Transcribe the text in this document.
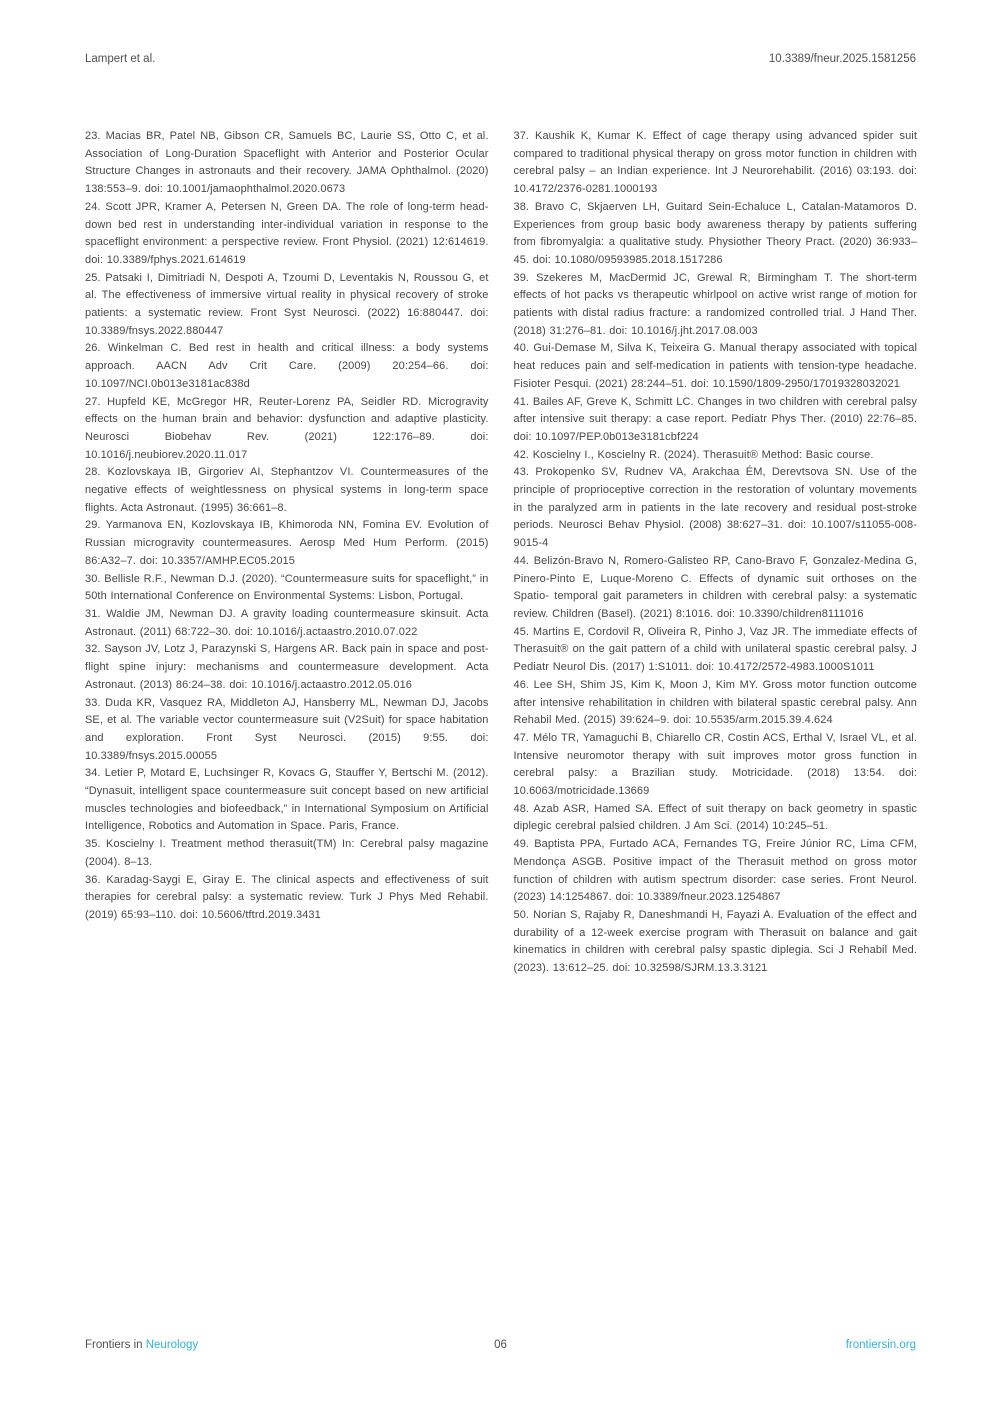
Lampert et al.	10.3389/fneur.2025.1581256

23. Macias BR, Patel NB, Gibson CR, Samuels BC, Laurie SS, Otto C, et al. Association of Long-Duration Spaceflight with Anterior and Posterior Ocular Structure Changes in astronauts and their recovery. JAMA Ophthalmol. (2020) 138:553–9. doi: 10.1001/jamaophthalmol.2020.0673

24. Scott JPR, Kramer A, Petersen N, Green DA. The role of long-term head-down bed rest in understanding inter-individual variation in response to the spaceflight environment: a perspective review. Front Physiol. (2021) 12:614619. doi: 10.3389/fphys.2021.614619

25. Patsaki I, Dimitriadi N, Despoti A, Tzoumi D, Leventakis N, Roussou G, et al. The effectiveness of immersive virtual reality in physical recovery of stroke patients: a systematic review. Front Syst Neurosci. (2022) 16:880447. doi: 10.3389/fnsys.2022.880447

26. Winkelman C. Bed rest in health and critical illness: a body systems approach. AACN Adv Crit Care. (2009) 20:254–66. doi: 10.1097/NCI.0b013e3181ac838d

27. Hupfeld KE, McGregor HR, Reuter-Lorenz PA, Seidler RD. Microgravity effects on the human brain and behavior: dysfunction and adaptive plasticity. Neurosci Biobehav Rev. (2021) 122:176–89. doi: 10.1016/j.neubiorev.2020.11.017

28. Kozlovskaya IB, Girgoriev AI, Stephantzov VI. Countermeasures of the negative effects of weightlessness on physical systems in long-term space flights. Acta Astronaut. (1995) 36:661–8.

29. Yarmanova EN, Kozlovskaya IB, Khimoroda NN, Fomina EV. Evolution of Russian microgravity countermeasures. Aerosp Med Hum Perform. (2015) 86:A32–7. doi: 10.3357/AMHP.EC05.2015

30. Bellisle R.F., Newman D.J. (2020). “Countermeasure suits for spaceflight,” in 50th International Conference on Environmental Systems: Lisbon, Portugal.

31. Waldie JM, Newman DJ. A gravity loading countermeasure skinsuit. Acta Astronaut. (2011) 68:722–30. doi: 10.1016/j.actaastro.2010.07.022

32. Sayson JV, Lotz J, Parazynski S, Hargens AR. Back pain in space and post-flight spine injury: mechanisms and countermeasure development. Acta Astronaut. (2013) 86:24–38. doi: 10.1016/j.actaastro.2012.05.016

33. Duda KR, Vasquez RA, Middleton AJ, Hansberry ML, Newman DJ, Jacobs SE, et al. The variable vector countermeasure suit (V2Suit) for space habitation and exploration. Front Syst Neurosci. (2015) 9:55. doi: 10.3389/fnsys.2015.00055

34. Letier P, Motard E, Luchsinger R, Kovacs G, Stauffer Y, Bertschi M. (2012). “Dynasuit, intelligent space countermeasure suit concept based on new artificial muscles technologies and biofeedback,” in International Symposium on Artificial Intelligence, Robotics and Automation in Space. Paris, France.

35. Koscielny I. Treatment method therasuit(TM) In: Cerebral palsy magazine (2004). 8–13.

36. Karadag-Saygi E, Giray E. The clinical aspects and effectiveness of suit therapies for cerebral palsy: a systematic review. Turk J Phys Med Rehabil. (2019) 65:93–110. doi: 10.5606/tftrd.2019.3431

37. Kaushik K, Kumar K. Effect of cage therapy using advanced spider suit compared to traditional physical therapy on gross motor function in children with cerebral palsy – an Indian experience. Int J Neurorehabilit. (2016) 03:193. doi: 10.4172/2376-0281.1000193

38. Bravo C, Skjaerven LH, Guitard Sein-Echaluce L, Catalan-Matamoros D. Experiences from group basic body awareness therapy by patients suffering from fibromyalgia: a qualitative study. Physiother Theory Pract. (2020) 36:933–45. doi: 10.1080/09593985.2018.1517286

39. Szekeres M, MacDermid JC, Grewal R, Birmingham T. The short-term effects of hot packs vs therapeutic whirlpool on active wrist range of motion for patients with distal radius fracture: a randomized controlled trial. J Hand Ther. (2018) 31:276–81. doi: 10.1016/j.jht.2017.08.003

40. Gui-Demase M, Silva K, Teixeira G. Manual therapy associated with topical heat reduces pain and self-medication in patients with tension-type headache. Fisioter Pesqui. (2021) 28:244–51. doi: 10.1590/1809-2950/17019328032021

41. Bailes AF, Greve K, Schmitt LC. Changes in two children with cerebral palsy after intensive suit therapy: a case report. Pediatr Phys Ther. (2010) 22:76–85. doi: 10.1097/PEP.0b013e3181cbf224

42. Koscielny I., Koscielny R. (2024). Therasuit® Method: Basic course.

43. Prokopenko SV, Rudnev VA, Arakchaa ÉM, Derevtsova SN. Use of the principle of proprioceptive correction in the restoration of voluntary movements in the paralyzed arm in patients in the late recovery and residual post-stroke periods. Neurosci Behav Physiol. (2008) 38:627–31. doi: 10.1007/s11055-008-9015-4

44. Belizón-Bravo N, Romero-Galisteo RP, Cano-Bravo F, Gonzalez-Medina G, Pinero-Pinto E, Luque-Moreno C. Effects of dynamic suit orthoses on the Spatio- temporal gait parameters in children with cerebral palsy: a systematic review. Children (Basel). (2021) 8:1016. doi: 10.3390/children8111016

45. Martins E, Cordovil R, Oliveira R, Pinho J, Vaz JR. The immediate effects of Therasuit® on the gait pattern of a child with unilateral spastic cerebral palsy. J Pediatr Neurol Dis. (2017) 1:S1011. doi: 10.4172/2572-4983.1000S1011

46. Lee SH, Shim JS, Kim K, Moon J, Kim MY. Gross motor function outcome after intensive rehabilitation in children with bilateral spastic cerebral palsy. Ann Rehabil Med. (2015) 39:624–9. doi: 10.5535/arm.2015.39.4.624

47. Mélo TR, Yamaguchi B, Chiarello CR, Costin ACS, Erthal V, Israel VL, et al. Intensive neuromotor therapy with suit improves motor gross function in cerebral palsy: a Brazilian study. Motricidade. (2018) 13:54. doi: 10.6063/motricidade.13669

48. Azab ASR, Hamed SA. Effect of suit therapy on back geometry in spastic diplegic cerebral palsied children. J Am Sci. (2014) 10:245–51.

49. Baptista PPA, Furtado ACA, Fernandes TG, Freire Júnior RC, Lima CFM, Mendonça ASGB. Positive impact of the Therasuit method on gross motor function of children with autism spectrum disorder: case series. Front Neurol. (2023) 14:1254867. doi: 10.3389/fneur.2023.1254867

50. Norian S, Rajaby R, Daneshmandi H, Fayazi A. Evaluation of the effect and durability of a 12-week exercise program with Therasuit on balance and gait kinematics in children with cerebral palsy spastic diplegia. Sci J Rehabil Med. (2023). 13:612–25. doi: 10.32598/SJRM.13.3.3121

Frontiers in Neurology	06	frontiersin.org
